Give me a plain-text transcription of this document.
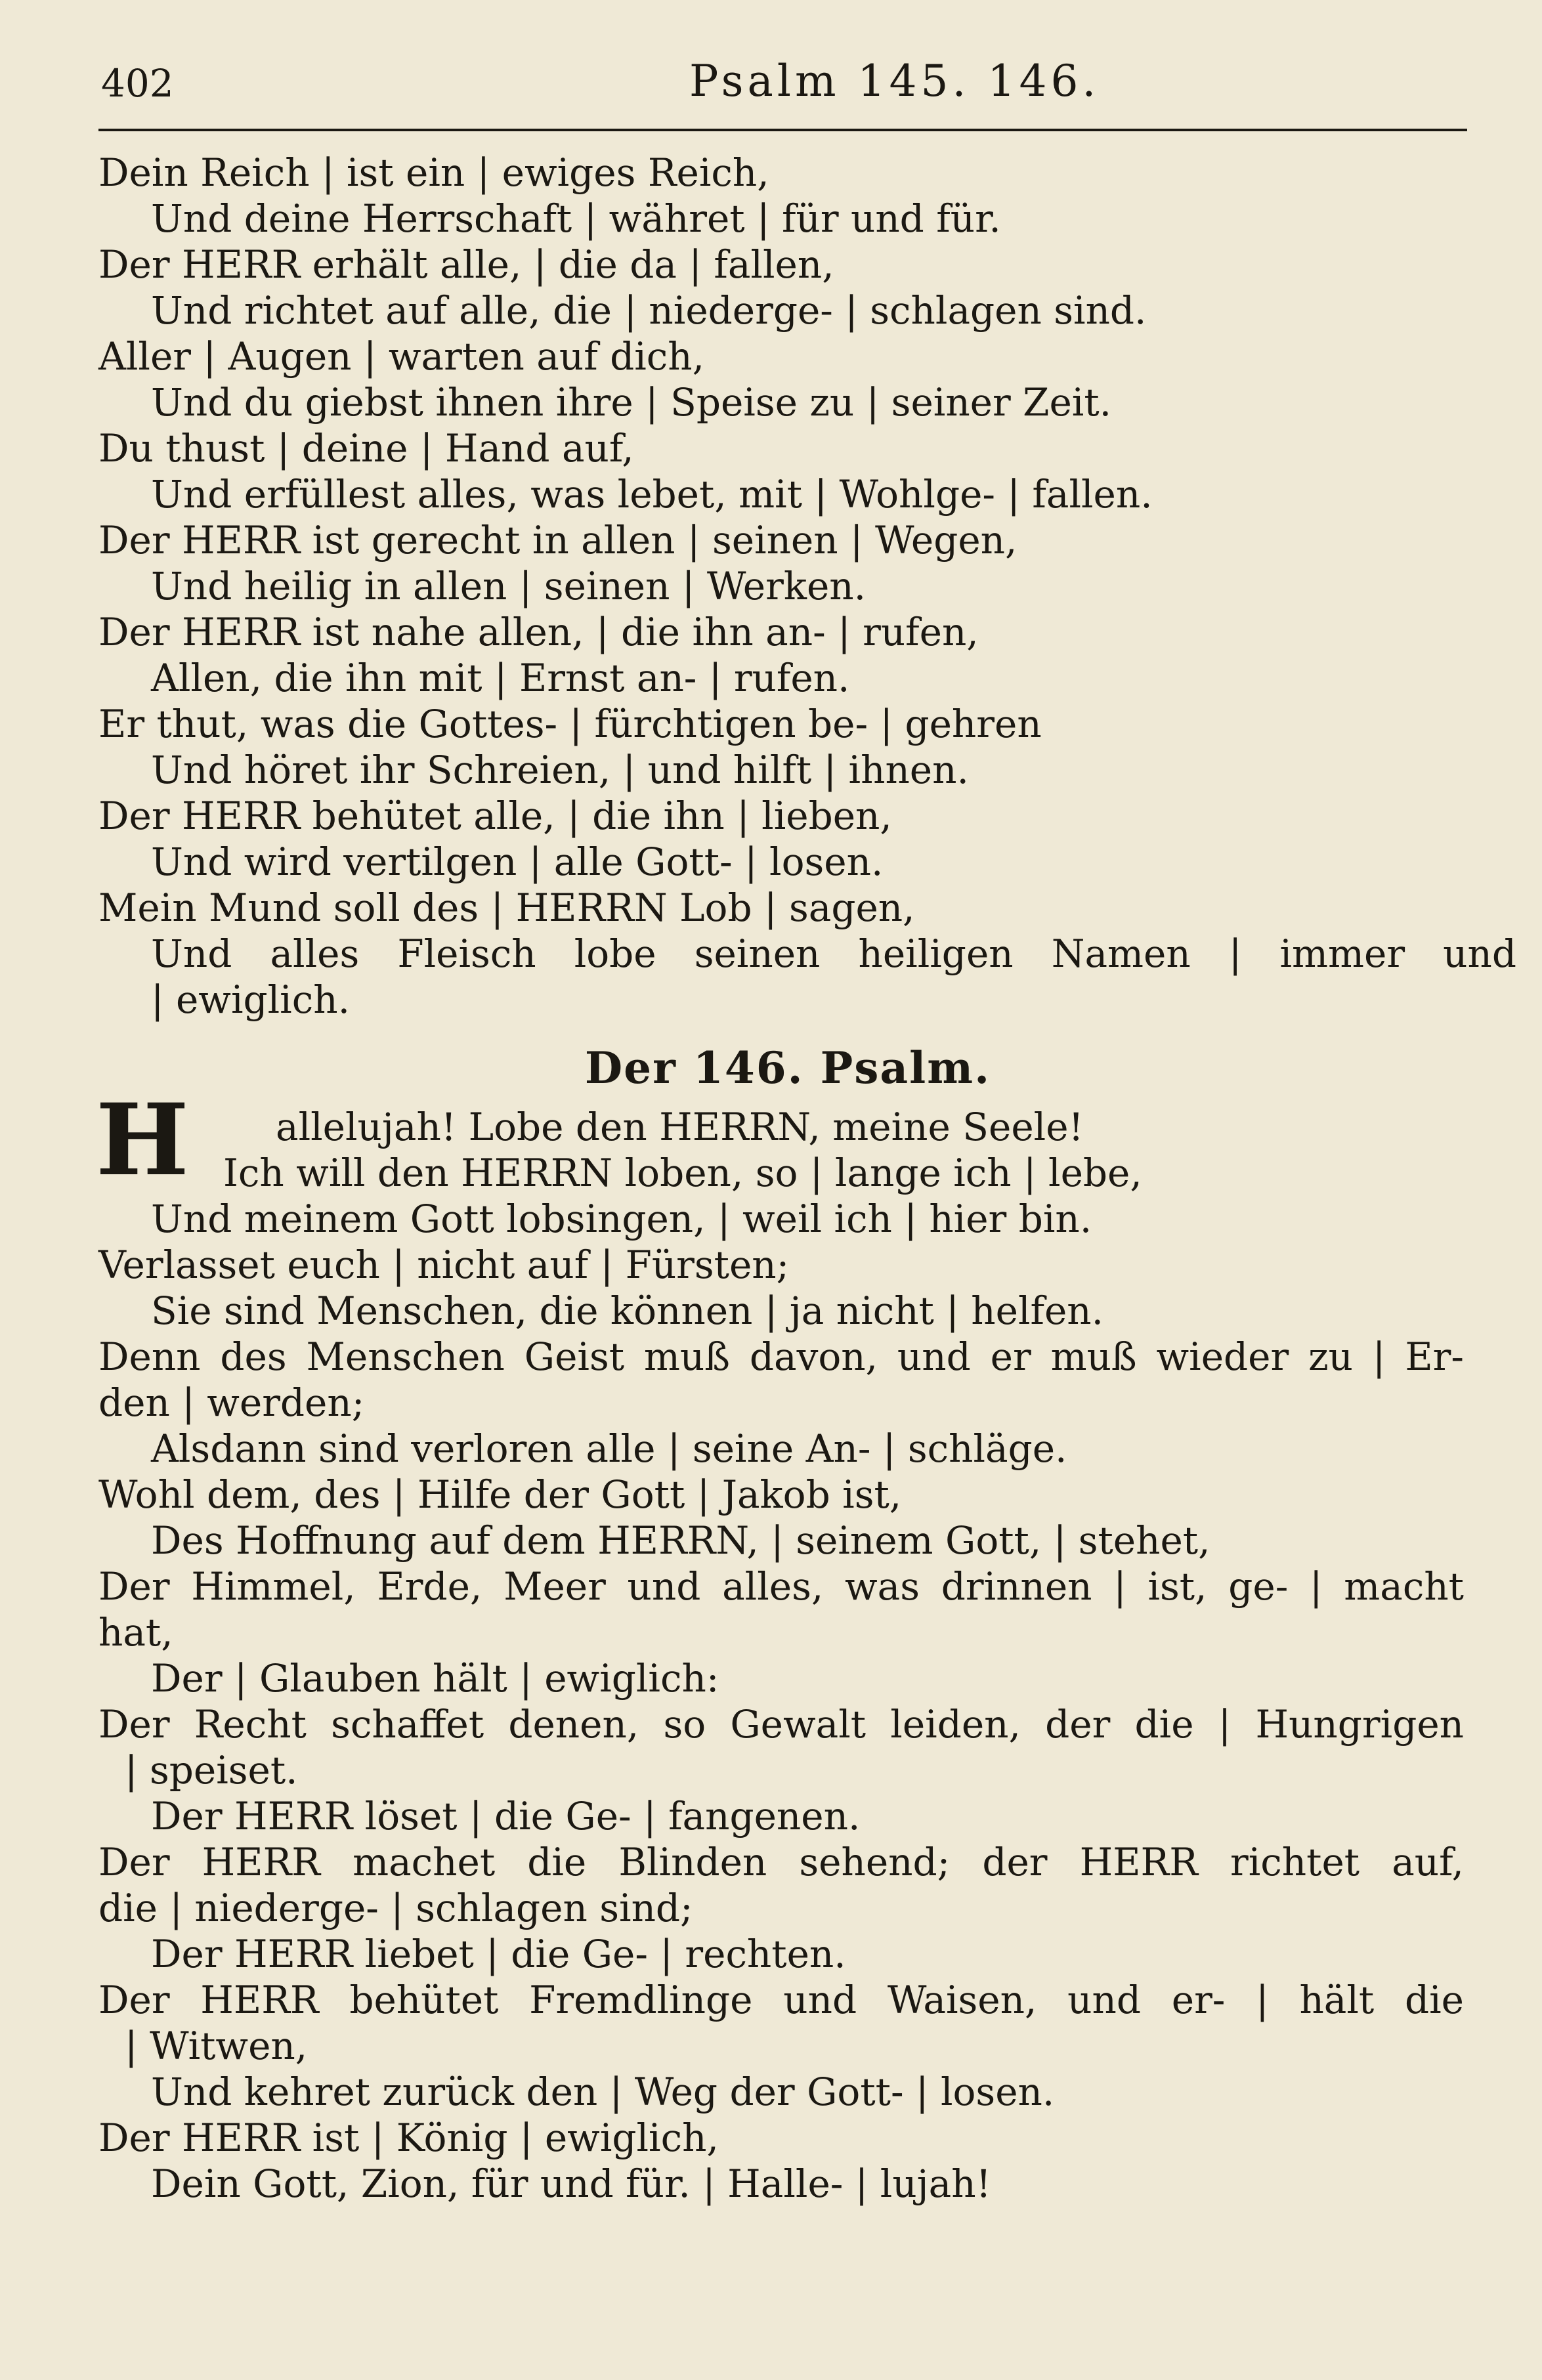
402	Psalm 145. 146.
Dein Reich | ist ein | ewiges Reich,
Und deine Herrschaft | währet | für und für.
Der HERR erhält alle, | die da | fallen,
Und richtet auf alle, die | niederge- | schlagen sind.
Aller | Augen | warten auf dich,
Und du giebst ihnen ihre | Speise zu | seiner Zeit.
Du thust | deine | Hand auf,
Und erfüllest alles, was lebet, mit | Wohlge- | fallen.
Der HERR ist gerecht in allen | seinen | Wegen,
Und heilig in allen | seinen | Werken.
Der HERR ist nahe allen, | die ihn an- | rufen,
Allen, die ihn mit | Ernst an- | rufen.
Er thut, was die Gottes- | fürchtigen be- | gehren
Und höret ihr Schreien, | und hilft | ihnen.
Der HERR behütet alle, | die ihn | lieben,
Und wird vertilgen | alle Gott- | losen.
Mein Mund soll des | HERRN Lob | sagen,
Und alles Fleisch lobe seinen heiligen Namen | immer und
| ewiglich.
Der 146. Psalm.
H allelujah! Lobe den HERRN, meine Seele!
Ich will den HERRN loben, so | lange ich | lebe,
Und meinem Gott lobsingen, | weil ich | hier bin.
Verlasset euch | nicht auf | Fürsten;
Sie sind Menschen, die können | ja nicht | helfen.
Denn des Menschen Geist muß davon, und er muß wieder zu | Er-
den | werden;
Alsdann sind verloren alle | seine An- | schläge.
Wohl dem, des | Hilfe der Gott | Jakob ist,
Des Hoffnung auf dem HERRN, | seinem Gott, | stehet,
Der Himmel, Erde, Meer und alles, was drinnen | ist, ge- | macht
hat,
Der | Glauben hält | ewiglich:
Der Recht schaffet denen, so Gewalt leiden, der die | Hungrigen
| speiset.
Der HERR löset | die Ge- | fangenen.
Der HERR machet die Blinden sehend; der HERR richtet auf,
die | niederge- | schlagen sind;
Der HERR liebet | die Ge- | rechten.
Der HERR behütet Fremdlinge und Waisen, und er- | hält die
| Witwen,
Und kehret zurück den | Weg der Gott- | losen.
Der HERR ist | König | ewiglich,
Dein Gott, Zion, für und für. | Halle- | lujah!
